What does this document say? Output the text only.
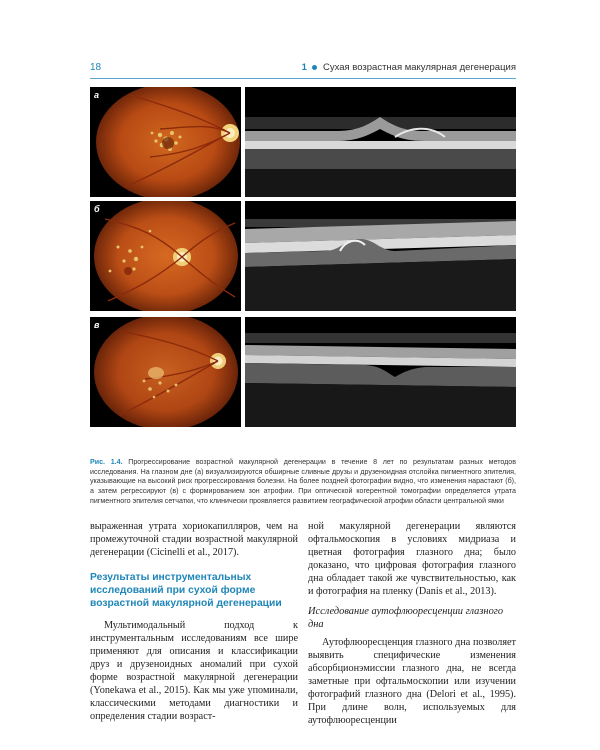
18	1 Сухая возрастная макулярная дегенерация
а
б
в
Рис. 1.4. Прогрессирование возрастной макулярной дегенерации в течение 8 лет по результатам разных методов исследования. На глазном дне (а) визуализируются обширные сливные друзы и друзеноидная отслойка пигментного эпителия, указывающие на высокий риск прогрессирования болезни. На более поздней фотографии видно, что изменения нарастают (б), а затем регрессируют (в) с формированием зон атрофии. При оптической когерентной томографии определяется утрата пигментного эпителия сетчатки, что клинически проявляется развитием географической атрофии области центральной ямки

выраженная утрата хориокапилляров, чем на промежуточной стадии возрастной макулярной дегенерации (Cicinelli et al., 2017).

Результаты инструментальных исследований при сухой форме возрастной макулярной дегенерации

Мультимодальный подход к инструментальным исследованиям все шире применяют для описания и классификации друз и друзеноидных аномалий при сухой форме возрастной макулярной дегенерации (Yonekawa et al., 2015). Как мы уже упоминали, классическими методами диагностики и определения стадии возраст-

ной макулярной дегенерации являются офтальмоскопия в условиях мидриаза и цветная фотография глазного дна; было доказано, что цифровая фотография глазного дна обладает такой же чувствительностью, как и фотография на пленку (Danis et al., 2013).

Исследование аутофлюоресценции глазного дна

Аутофлюоресценция глазного дна позволяет выявить специфические изменения абсорбционэмиссии глазного дна, не всегда заметные при офтальмоскопии или изучении фотографий глазного дна (Delori et al., 1995). При длине волн, используемых для аутофлюоресценции
